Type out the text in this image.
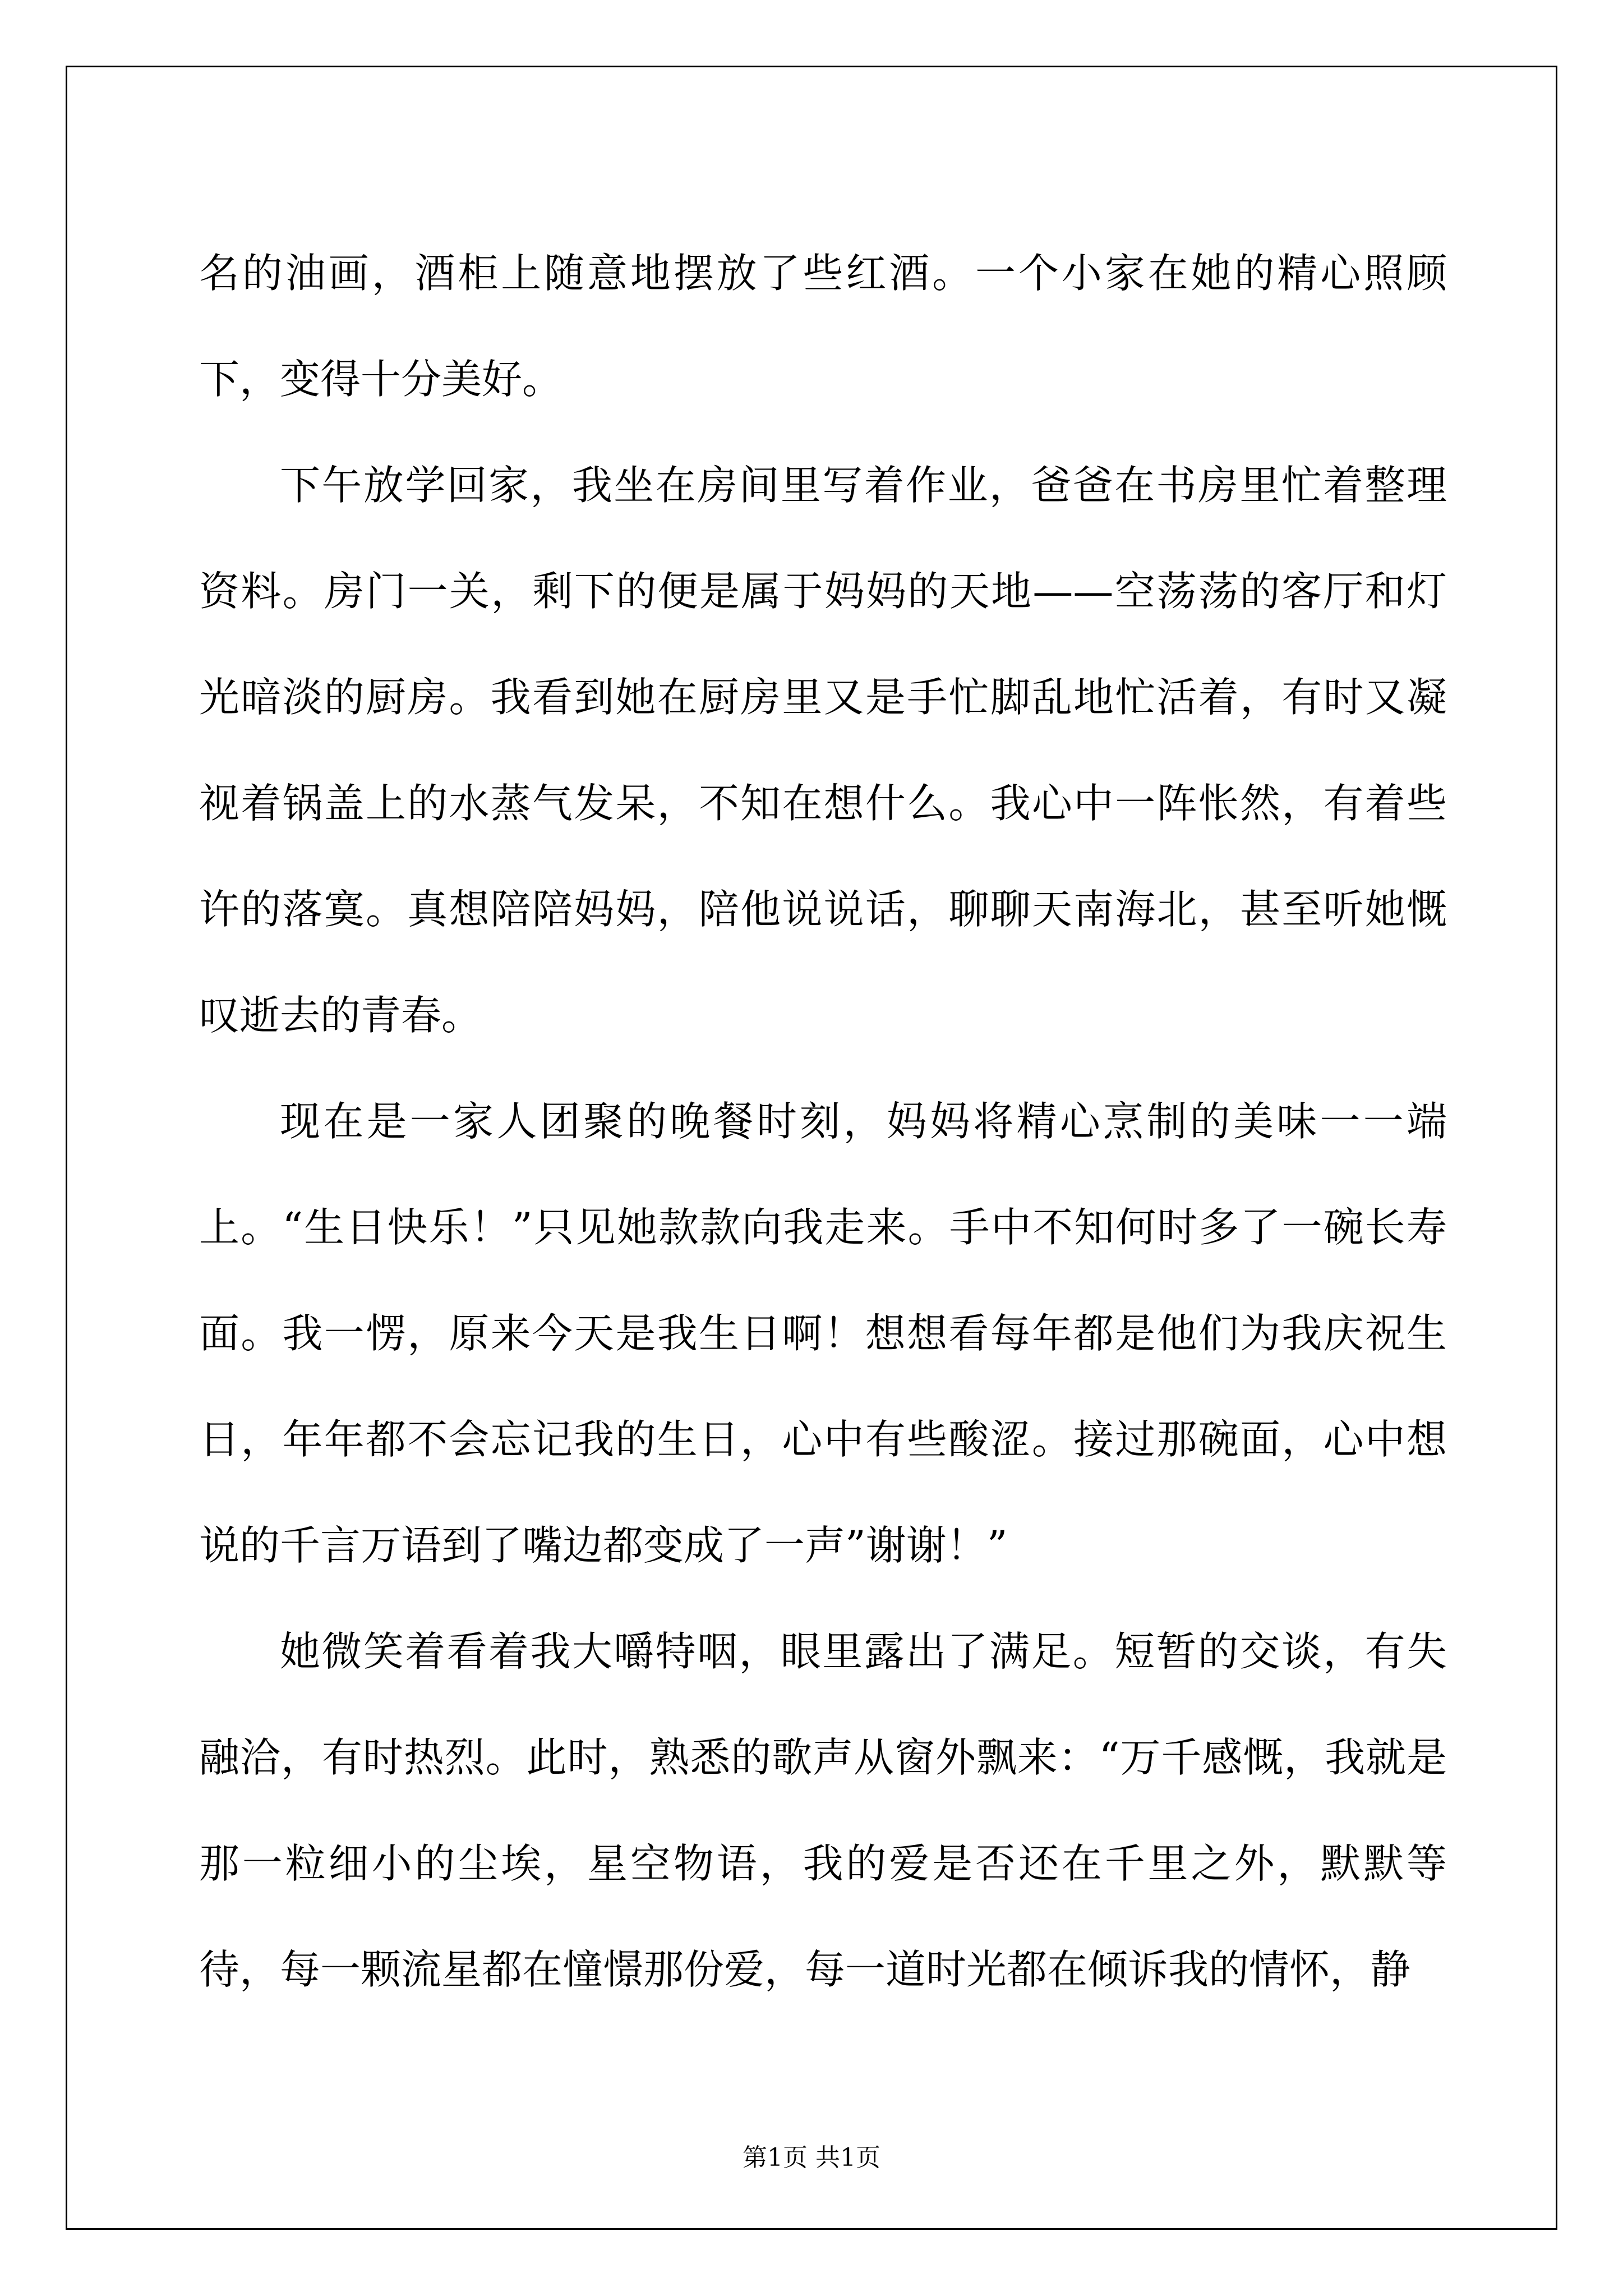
名的油画，酒柜上随意地摆放了些红酒。一个小家在她的精心照顾下，变得十分美好。

下午放学回家，我坐在房间里写着作业，爸爸在书房里忙着整理资料。房门一关，剩下的便是属于妈妈的天地——空荡荡的客厅和灯光暗淡的厨房。我看到她在厨房里又是手忙脚乱地忙活着，有时又凝视着锅盖上的水蒸气发呆，不知在想什么。我心中一阵怅然，有着些许的落寞。真想陪陪妈妈，陪他说说话，聊聊天南海北，甚至听她慨叹逝去的青春。

现在是一家人团聚的晚餐时刻，妈妈将精心烹制的美味一一端上。“生日快乐！”只见她款款向我走来。手中不知何时多了一碗长寿面。我一愣，原来今天是我生日啊！想想看每年都是他们为我庆祝生日，年年都不会忘记我的生日，心中有些酸涩。接过那碗面，心中想说的千言万语到了嘴边都变成了一声”谢谢！”

她微笑着看着我大嚼特咽，眼里露出了满足。短暂的交谈，有失融洽，有时热烈。此时，熟悉的歌声从窗外飘来：“万千感慨，我就是那一粒细小的尘埃，星空物语，我的爱是否还在千里之外，默默等待，每一颗流星都在憧憬那份爱，每一道时光都在倾诉我的情怀，静

第1页 共1页
